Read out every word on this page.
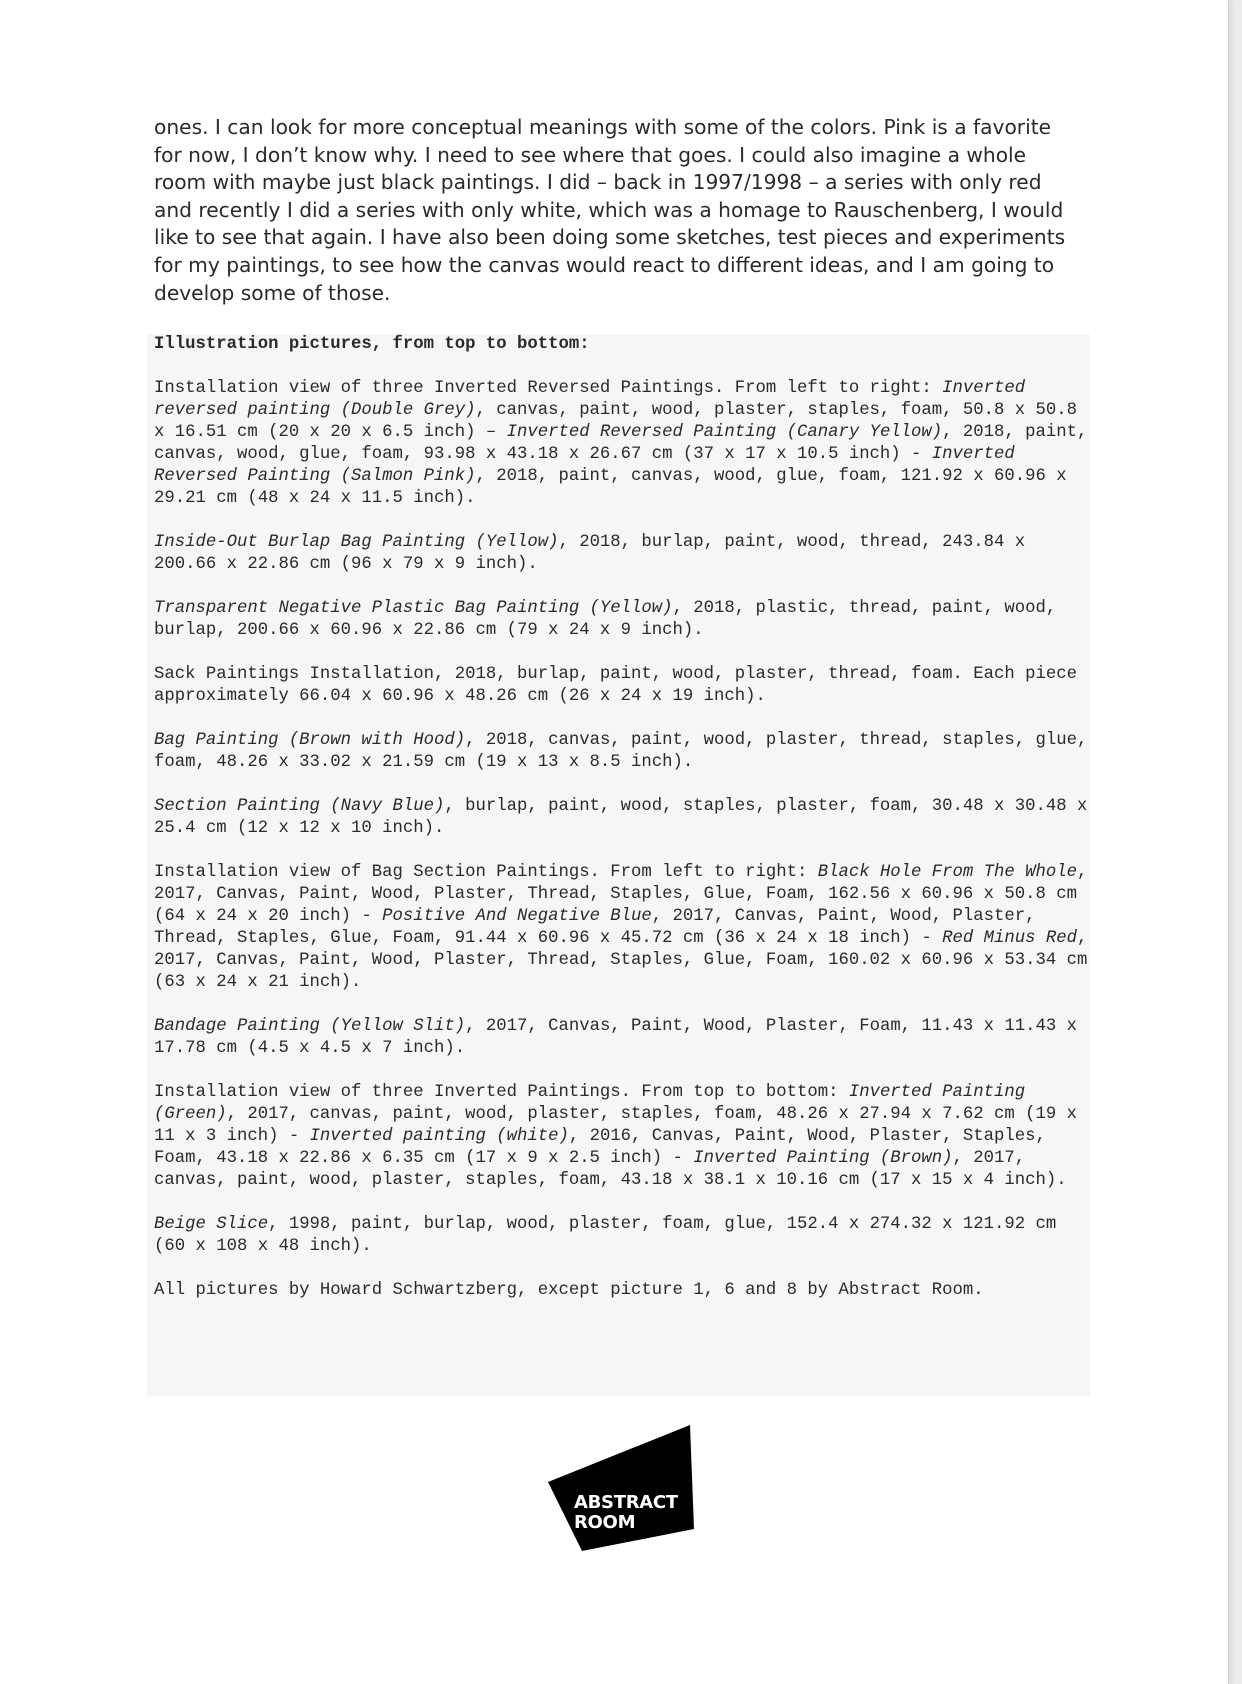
ones. I can look for more conceptual meanings with some of the colors. Pink is a favorite for now, I don’t know why. I need to see where that goes. I could also imagine a whole room with maybe just black paintings. I did – back in 1997/1998 – a series with only red and recently I did a series with only white, which was a homage to Rauschenberg, I would like to see that again. I have also been doing some sketches, test pieces and experiments for my paintings, to see how the canvas would react to different ideas, and I am going to develop some of those.

Illustration pictures, from top to bottom:

Installation view of three Inverted Reversed Paintings. From left to right: Inverted reversed painting (Double Grey), canvas, paint, wood, plaster, staples, foam, 50.8 x 50.8 x 16.51 cm (20 x 20 x 6.5 inch) – Inverted Reversed Painting (Canary Yellow), 2018, paint, canvas, wood, glue, foam, 93.98 x 43.18 x 26.67 cm (37 x 17 x 10.5 inch) - Inverted Reversed Painting (Salmon Pink), 2018, paint, canvas, wood, glue, foam, 121.92 x 60.96 x 29.21 cm (48 x 24 x 11.5 inch).

Inside-Out Burlap Bag Painting (Yellow), 2018, burlap, paint, wood, thread, 243.84 x 200.66 x 22.86 cm (96 x 79 x 9 inch).

Transparent Negative Plastic Bag Painting (Yellow), 2018, plastic, thread, paint, wood, burlap, 200.66 x 60.96 x 22.86 cm (79 x 24 x 9 inch).

Sack Paintings Installation, 2018, burlap, paint, wood, plaster, thread, foam. Each piece approximately 66.04 x 60.96 x 48.26 cm (26 x 24 x 19 inch).

Bag Painting (Brown with Hood), 2018, canvas, paint, wood, plaster, thread, staples, glue, foam, 48.26 x 33.02 x 21.59 cm (19 x 13 x 8.5 inch).

Section Painting (Navy Blue), burlap, paint, wood, staples, plaster, foam, 30.48 x 30.48 x 25.4 cm (12 x 12 x 10 inch).

Installation view of Bag Section Paintings. From left to right: Black Hole From The Whole, 2017, Canvas, Paint, Wood, Plaster, Thread, Staples, Glue, Foam, 162.56 x 60.96 x 50.8 cm (64 x 24 x 20 inch) - Positive And Negative Blue, 2017, Canvas, Paint, Wood, Plaster, Thread, Staples, Glue, Foam, 91.44 x 60.96 x 45.72 cm (36 x 24 x 18 inch) - Red Minus Red, 2017, Canvas, Paint, Wood, Plaster, Thread, Staples, Glue, Foam, 160.02 x 60.96 x 53.34 cm (63 x 24 x 21 inch).

Bandage Painting (Yellow Slit), 2017, Canvas, Paint, Wood, Plaster, Foam, 11.43 x 11.43 x 17.78 cm (4.5 x 4.5 x 7 inch).

Installation view of three Inverted Paintings. From top to bottom: Inverted Painting (Green), 2017, canvas, paint, wood, plaster, staples, foam, 48.26 x 27.94 x 7.62 cm (19 x 11 x 3 inch) - Inverted painting (white), 2016, Canvas, Paint, Wood, Plaster, Staples, Foam, 43.18 x 22.86 x 6.35 cm (17 x 9 x 2.5 inch) - Inverted Painting (Brown), 2017, canvas, paint, wood, plaster, staples, foam, 43.18 x 38.1 x 10.16 cm (17 x 15 x 4 inch).

Beige Slice, 1998, paint, burlap, wood, plaster, foam, glue, 152.4 x 274.32 x 121.92 cm (60 x 108 x 48 inch).

All pictures by Howard Schwartzberg, except picture 1, 6 and 8 by Abstract Room.

ABSTRACT
ROOM
